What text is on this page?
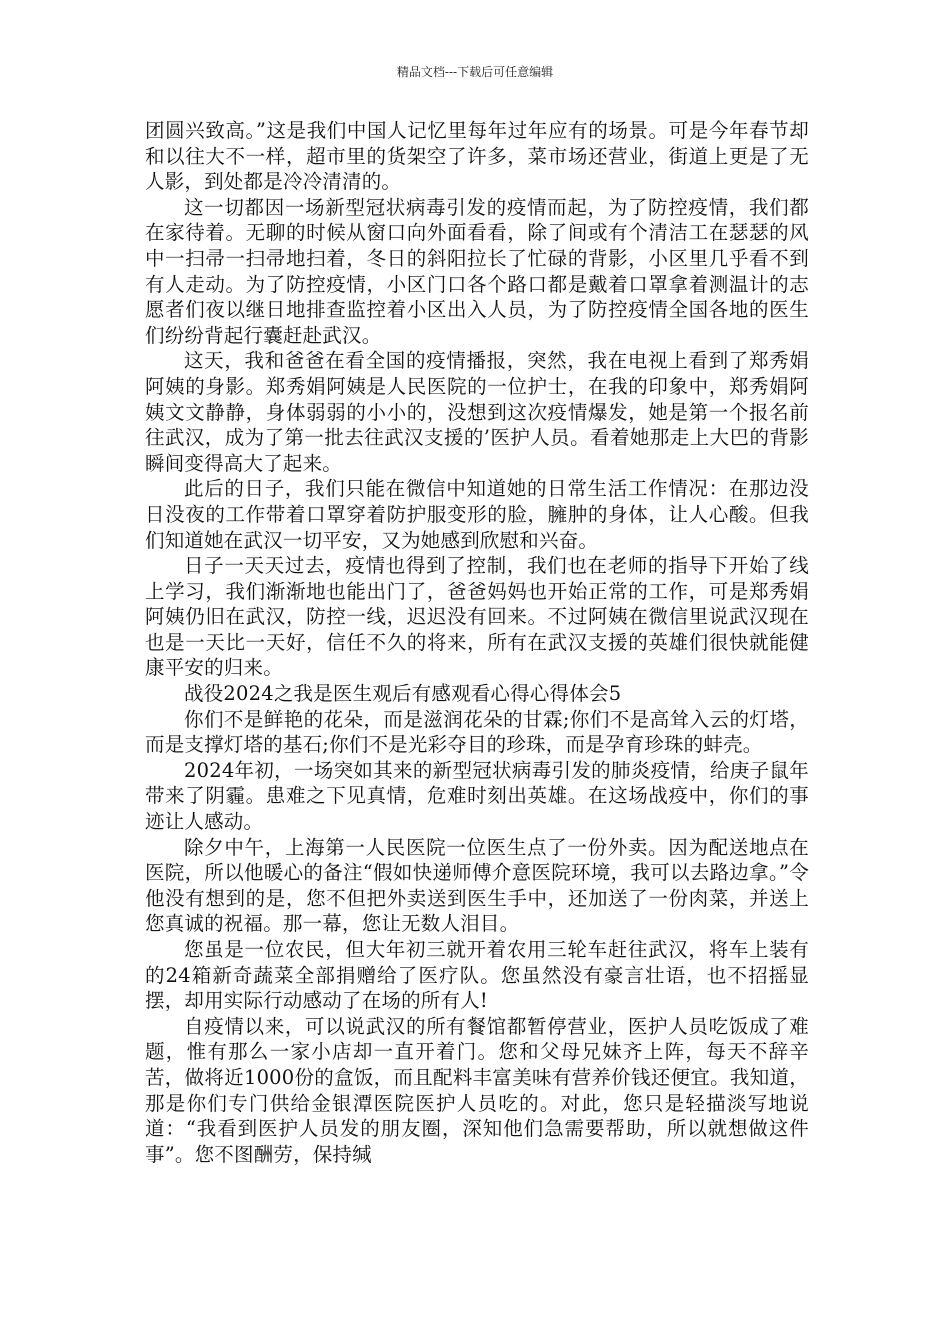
精品文档---下载后可任意编辑

团圆兴致高。”这是我们中国人记忆里每年过年应有的场景。可是今年春节却和以往大不一样，超市里的货架空了许多，菜市场还营业，街道上更是了无人影，到处都是冷冷清清的。

这一切都因一场新型冠状病毒引发的疫情而起，为了防控疫情，我们都在家待着。无聊的时候从窗口向外面看看，除了间或有个清洁工在瑟瑟的风中一扫帚一扫帚地扫着，冬日的斜阳拉长了忙碌的背影，小区里几乎看不到有人走动。为了防控疫情，小区门口各个路口都是戴着口罩拿着测温计的志愿者们夜以继日地排查监控着小区出入人员，为了防控疫情全国各地的医生们纷纷背起行囊赶赴武汉。

这天，我和爸爸在看全国的疫情播报，突然，我在电视上看到了郑秀娟阿姨的身影。郑秀娟阿姨是人民医院的一位护士，在我的印象中，郑秀娟阿姨文文静静，身体弱弱的小小的，没想到这次疫情爆发，她是第一个报名前往武汉，成为了第一批去往武汉支援的’医护人员。看着她那走上大巴的背影瞬间变得高大了起来。

此后的日子，我们只能在微信中知道她的日常生活工作情况：在那边没日没夜的工作带着口罩穿着防护服变形的脸，臃肿的身体，让人心酸。但我们知道她在武汉一切平安，又为她感到欣慰和兴奋。

日子一天天过去，疫情也得到了控制，我们也在老师的指导下开始了线上学习，我们渐渐地也能出门了，爸爸妈妈也开始正常的工作，可是郑秀娟阿姨仍旧在武汉，防控一线，迟迟没有回来。不过阿姨在微信里说武汉现在也是一天比一天好，信任不久的将来，所有在武汉支援的英雄们很快就能健康平安的归来。

战役2024之我是医生观后有感观看心得心得体会5

你们不是鲜艳的花朵，而是滋润花朵的甘霖;你们不是高耸入云的灯塔，而是支撑灯塔的基石;你们不是光彩夺目的珍珠，而是孕育珍珠的蚌壳。

2024年初，一场突如其来的新型冠状病毒引发的肺炎疫情，给庚子鼠年带来了阴霾。患难之下见真情，危难时刻出英雄。在这场战疫中，你们的事迹让人感动。

除夕中午，上海第一人民医院一位医生点了一份外卖。因为配送地点在医院，所以他暖心的备注“假如快递师傅介意医院环境，我可以去路边拿。”令他没有想到的是，您不但把外卖送到医生手中，还加送了一份肉菜，并送上您真诚的祝福。那一幕，您让无数人泪目。

您虽是一位农民，但大年初三就开着农用三轮车赶往武汉，将车上装有的24箱新奇蔬菜全部捐赠给了医疗队。您虽然没有豪言壮语，也不招摇显摆，却用实际行动感动了在场的所有人!

自疫情以来，可以说武汉的所有餐馆都暂停营业，医护人员吃饭成了难题，惟有那么一家小店却一直开着门。您和父母兄妹齐上阵，每天不辞辛苦，做将近1000份的盒饭，而且配料丰富美味有营养价钱还便宜。我知道，那是你们专门供给金银潭医院医护人员吃的。对此，您只是轻描淡写地说道：“我看到医护人员发的朋友圈，深知他们急需要帮助，所以就想做这件事”。您不图酬劳，保持缄
